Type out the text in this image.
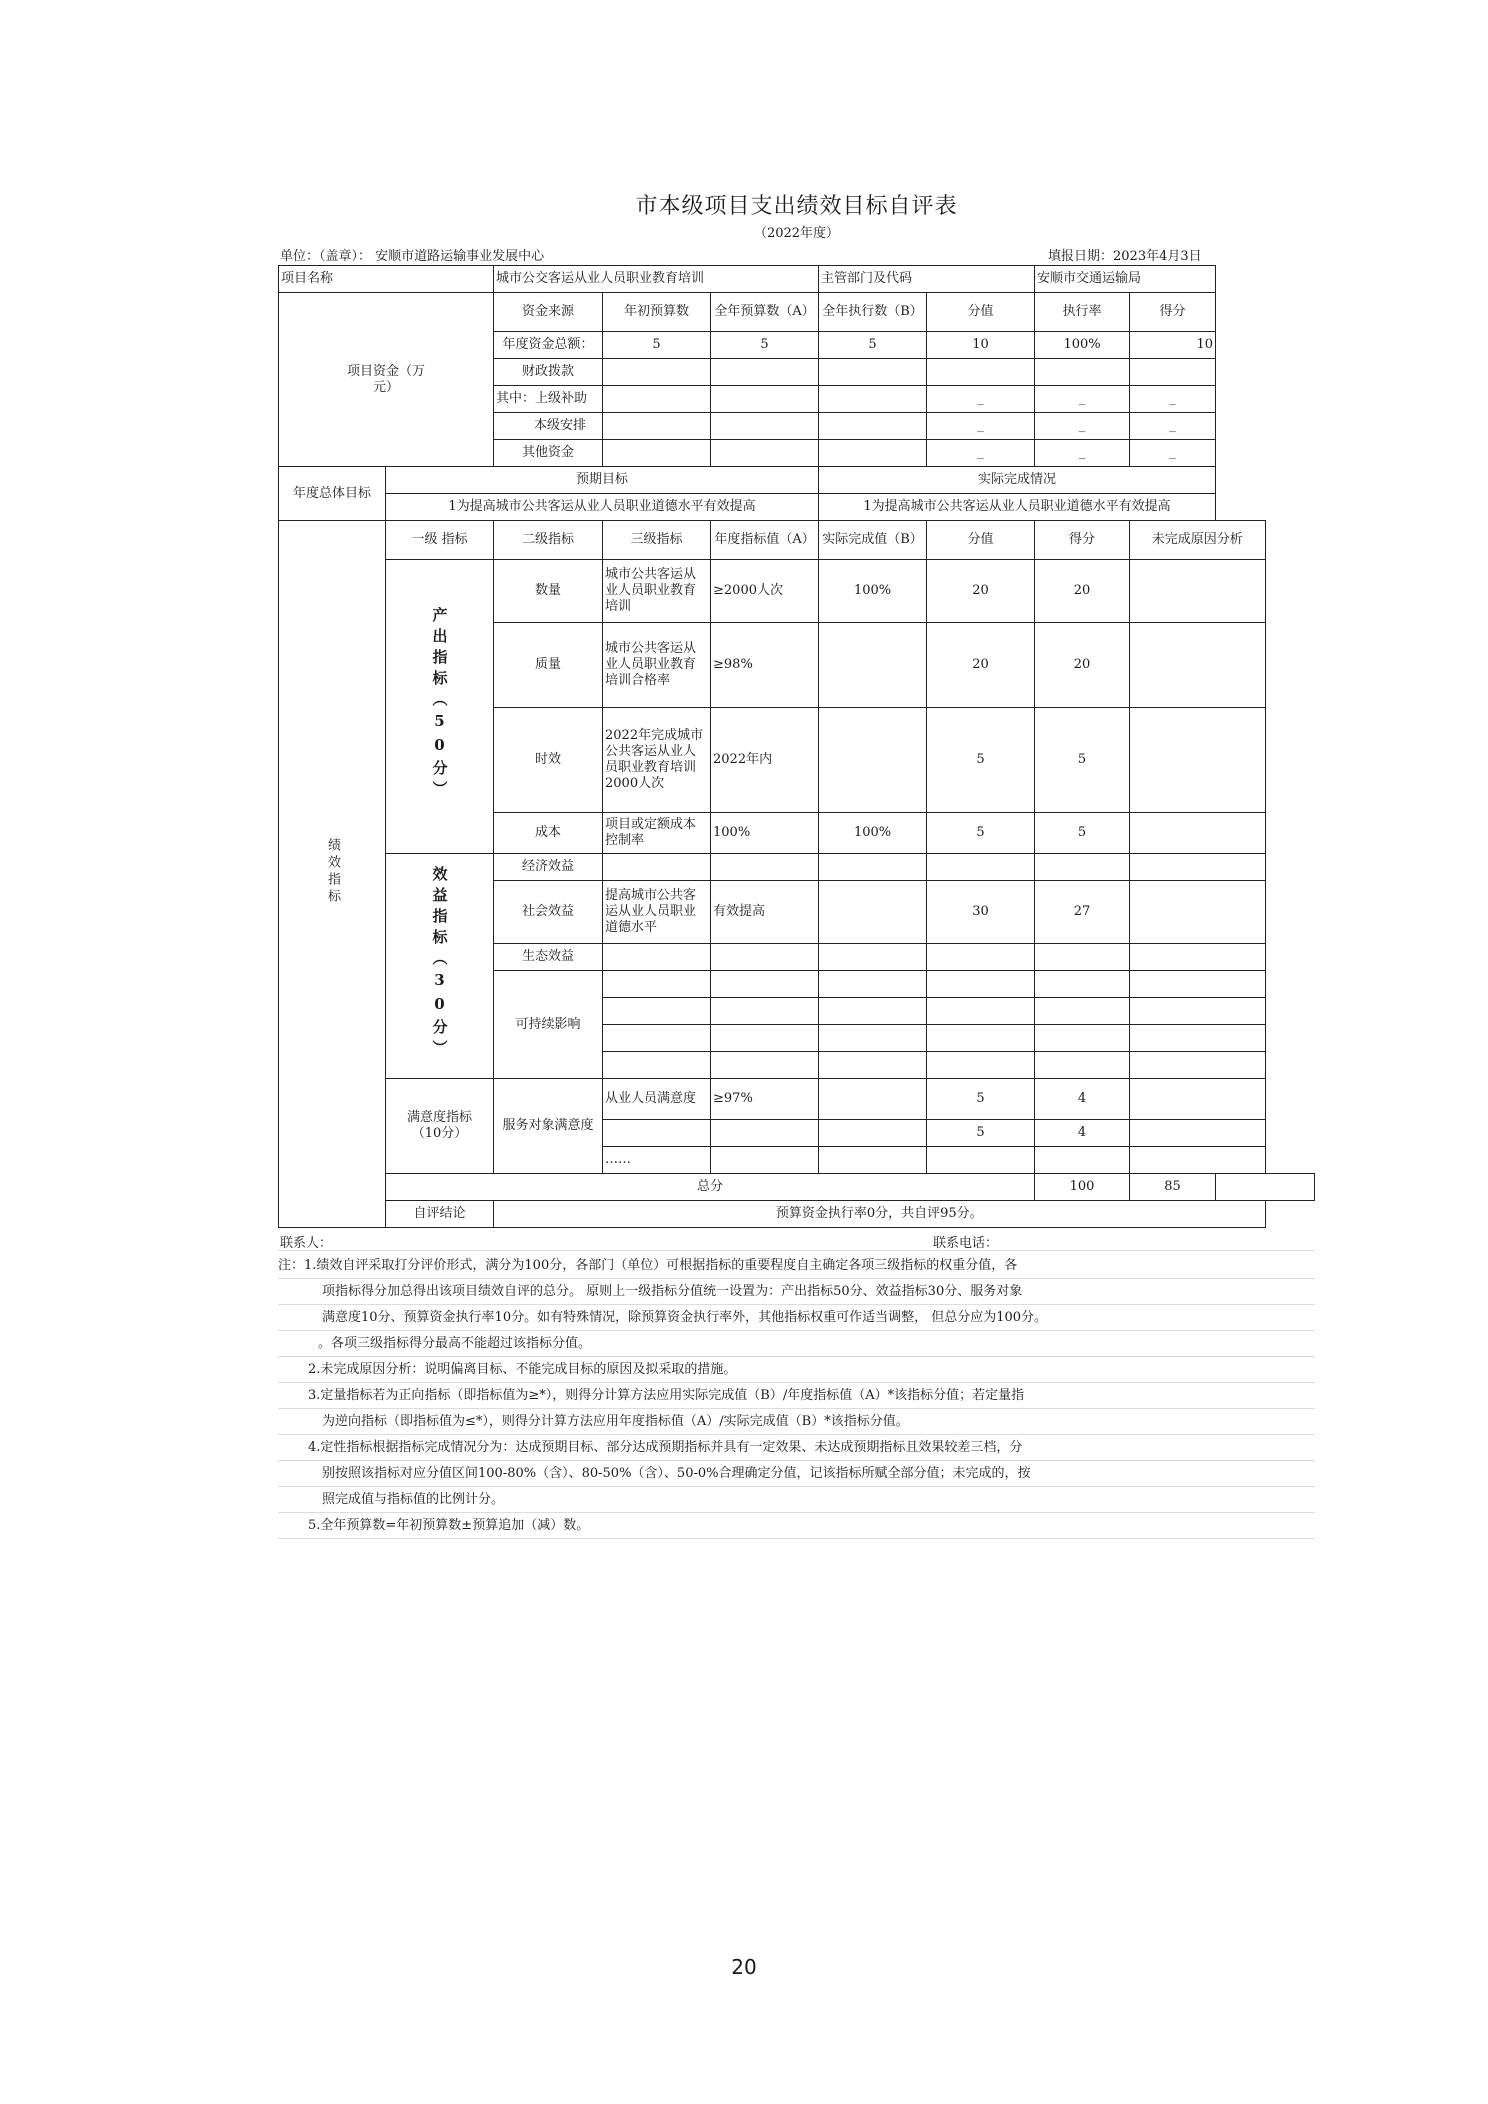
市本级项目支出绩效目标自评表
（2022年度）
单位：（盖章）： 安顺市道路运输事业发展中心	填报日期：2023年4月3日
项目名称		城市公交客运从业人员职业教育培训			主管部门及代码		安顺市交通运输局		
项目资金（万元）		资金来源	年初预算数	全年预算数（A）	全年执行数（B）	分值	执行率	得分	
		年度资金总额：	5	5	5	10	100%	10	
		财政拨款							
		其中：上级补助				_	_	_	
		本级安排				_	_	_	
		其他资金				_	_	_	
年度总体目标	预期目标				实际完成情况				
	1为提高城市公共客运从业人员职业道德水平有效提高				1为提高城市公共客运从业人员职业道德水平有效提高				
绩效指标	一级 指标	二级指标	三级指标	年度指标值（A）	实际完成值（B）	分值	得分	未完成原因分析	
	产出指标（50分）	数量	城市公共客运从业人员职业教育培训	≥2000人次	100%	20	20		
		质量	城市公共客运从业人员职业教育培训合格率	≥98%		20	20		
		时效	2022年完成城市公共客运从业人员职业教育培训2000人次	2022年内		5	5		
		成本	项目或定额成本控制率	100%	100%	5	5		
	效益指标（30分）	经济效益							
		社会效益	提高城市公共客运从业人员职业道德水平	有效提高		30	27		
		生态效益							
		可持续影响							

	满意度指标（10分）	服务对象满意度	从业人员满意度	≥97%		5	4		
						5	4		
			……						
	总分						100	85	
	自评结论	预算资金执行率0分，共自评95分。							
联系人：	联系电话：
注：1.绩效自评采取打分评价形式，满分为100分，各部门（单位）可根据指标的重要程度自主确定各项三级指标的权重分值，各
项指标得分加总得出该项目绩效自评的总分。 原则上一级指标分值统一设置为：产出指标50分、效益指标30分、服务对象
满意度10分、预算资金执行率10分。如有特殊情况，除预算资金执行率外，其他指标权重可作适当调整， 但总分应为100分。
。各项三级指标得分最高不能超过该指标分值。
2.未完成原因分析：说明偏离目标、不能完成目标的原因及拟采取的措施。
3.定量指标若为正向指标（即指标值为≥*），则得分计算方法应用实际完成值（B）/年度指标值（A）*该指标分值；若定量指
为逆向指标（即指标值为≤*），则得分计算方法应用年度指标值（A）/实际完成值（B）*该指标分值。
4.定性指标根据指标完成情况分为：达成预期目标、部分达成预期指标并具有一定效果、未达成预期指标且效果较差三档，分
别按照该指标对应分值区间100-80%（含）、80-50%（含）、50-0%合理确定分值，记该指标所赋全部分值；未完成的，按
照完成值与指标值的比例计分。
5.全年预算数=年初预算数±预算追加（减）数。
20
